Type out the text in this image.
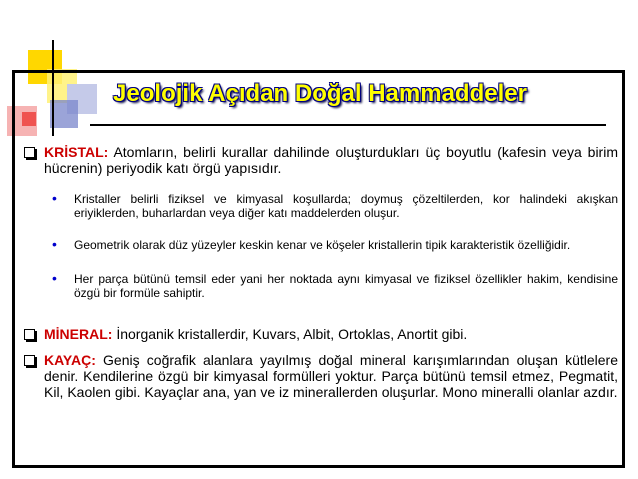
Jeolojik Açıdan Doğal Hammaddeler
KRİSTAL: Atomların, belirli kurallar dahilinde oluşturdukları üç boyutlu (kafesin veya birim hücrenin) periyodik katı örgü yapısıdır.
• Kristaller belirli fiziksel ve kimyasal koşullarda; doymuş çözeltilerden, kor halindeki akışkan eriyiklerden, buharlardan veya diğer katı maddelerden oluşur.
• Geometrik olarak düz yüzeyler keskin kenar ve köşeler kristallerin tipik karakteristik özelliğidir.
• Her parça bütünü temsil eder yani her noktada aynı kimyasal ve fiziksel özellikler hakim, kendisine özgü bir formüle sahiptir.
MİNERAL: İnorganik kristallerdir, Kuvars, Albit, Ortoklas, Anortit gibi.
KAYAÇ: Geniş coğrafik alanlara yayılmış doğal mineral karışımlarından oluşan kütlelere denir. Kendilerine özgü bir kimyasal formülleri yoktur. Parça bütünü temsil etmez, Pegmatit, Kil, Kaolen gibi. Kayaçlar ana, yan ve iz minerallerden oluşurlar. Mono mineralli olanlar azdır.
